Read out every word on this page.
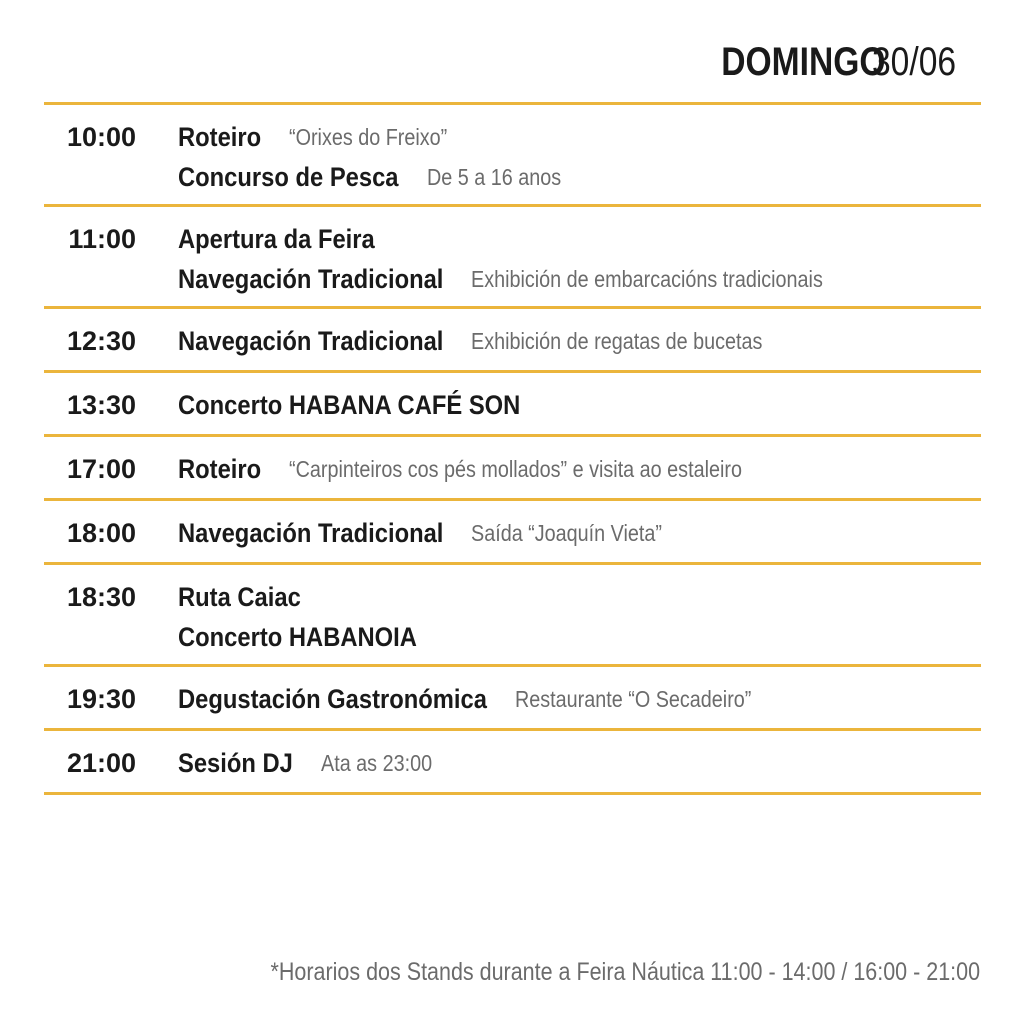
DOMINGO
30/06
10:00 Roteiro “Orixes do Freixo”
Concurso de Pesca De 5 a 16 anos
11:00 Apertura da Feira
Navegación Tradicional Exhibición de embarcacións tradicionais
12:30 Navegación Tradicional Exhibición de regatas de bucetas
13:30 Concerto HABANA CAFÉ SON
17:00 Roteiro “Carpinteiros cos pés mollados” e visita ao estaleiro
18:00 Navegación Tradicional Saída “Joaquín Vieta”
18:30 Ruta Caiac
Concerto HABANOIA
19:30 Degustación Gastronómica Restaurante “O Secadeiro”
21:00 Sesión DJ Ata as 23:00
*Horarios dos Stands durante a Feira Náutica 11:00 - 14:00 / 16:00 - 21:00
